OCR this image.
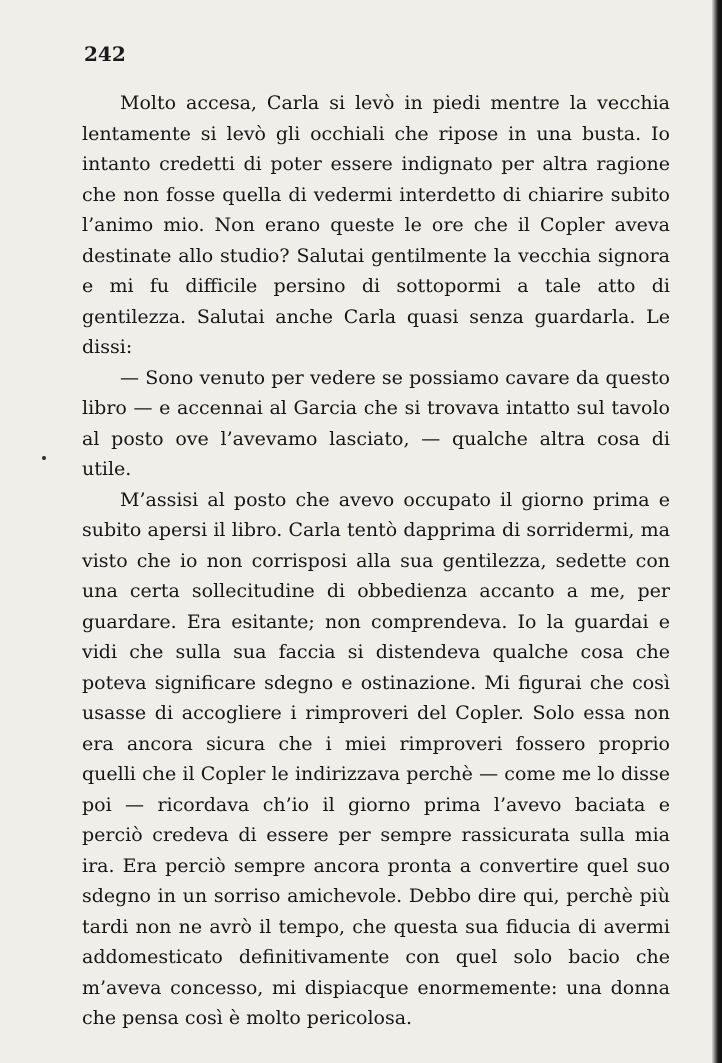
242

Molto accesa, Carla si levò in piedi mentre la vecchia lentamente si levò gli occhiali che ripose in una busta. Io intanto credetti di poter essere indignato per altra ragione che non fosse quella di vedermi interdetto di chiarire subito l’animo mio. Non erano queste le ore che il Copler aveva destinate allo studio? Salutai gentilmente la vecchia signora e mi fu difficile persino di sottopormi a tale atto di gentilezza. Salutai anche Carla quasi senza guardarla. Le dissi:

— Sono venuto per vedere se possiamo cavare da questo libro — e accennai al Garcia che si trovava intatto sul tavolo al posto ove l’avevamo lasciato, — qualche altra cosa di utile.

M’assisi al posto che avevo occupato il giorno prima e subito apersi il libro. Carla tentò dapprima di sorridermi, ma visto che io non corrisposi alla sua gentilezza, sedette con una certa sollecitudine di obbedienza accanto a me, per guardare. Era esitante; non comprendeva. Io la guardai e vidi che sulla sua faccia si distendeva qualche cosa che poteva significare sdegno e ostinazione. Mi figurai che così usasse di accogliere i rimproveri del Copler. Solo essa non era ancora sicura che i miei rimproveri fossero proprio quelli che il Copler le indirizzava perchè — come me lo disse poi — ricordava ch’io il giorno prima l’avevo baciata e perciò credeva di essere per sempre rassicurata sulla mia ira. Era perciò sempre ancora pronta a convertire quel suo sdegno in un sorriso amichevole. Debbo dire qui, perchè più tardi non ne avrò il tempo, che questa sua fiducia di avermi addomesticato definitivamente con quel solo bacio che m’aveva concesso, mi dispiacque enormemente: una donna che pensa così è molto pericolosa.
